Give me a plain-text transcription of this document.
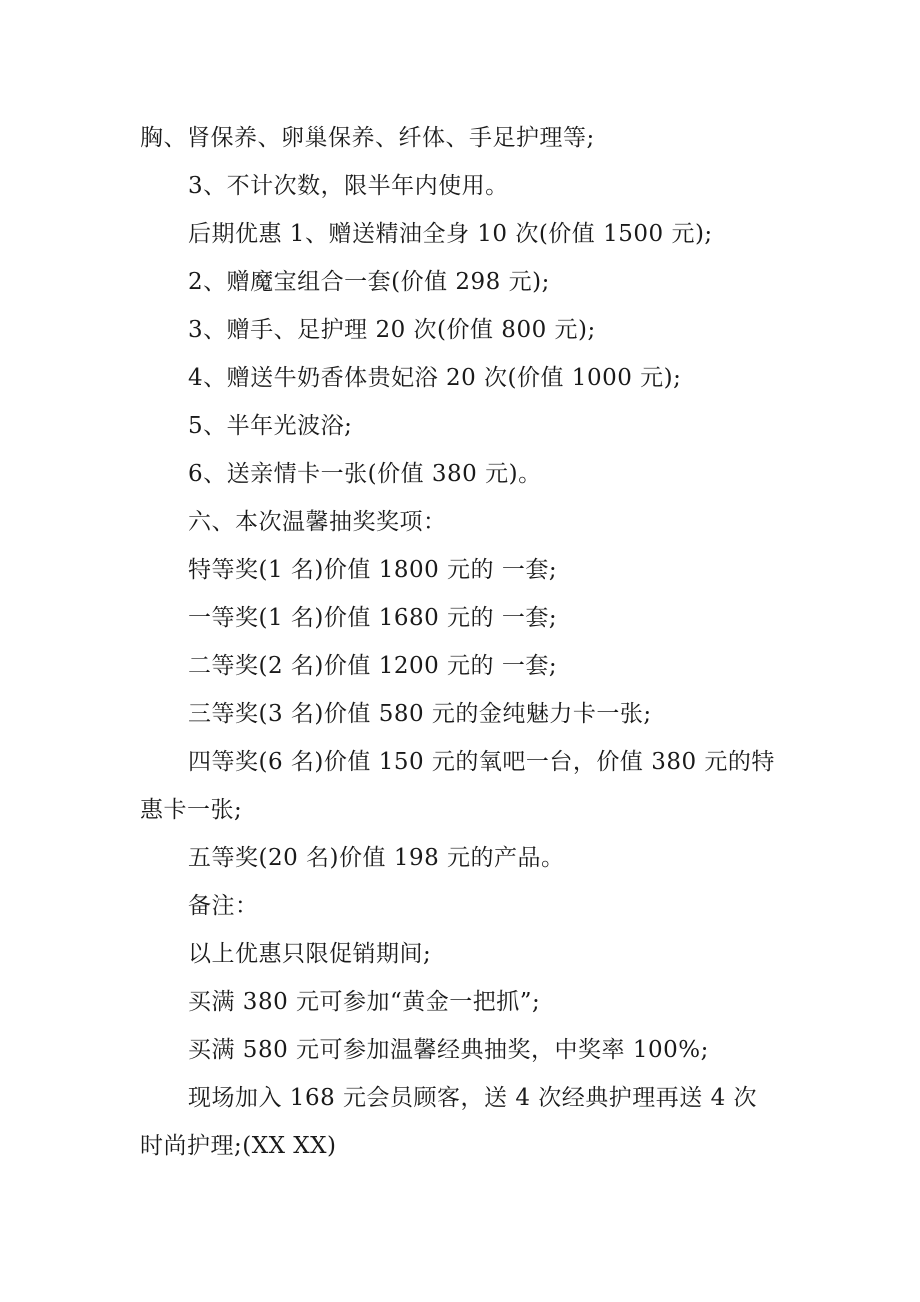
胸、肾保养、卵巢保养、纤体、手足护理等;
3、不计次数，限半年内使用。
后期优惠 1、赠送精油全身 10 次(价值 1500 元);
2、赠魔宝组合一套(价值 298 元);
3、赠手、足护理 20 次(价值 800 元);
4、赠送牛奶香体贵妃浴 20 次(价值 1000 元);
5、半年光波浴;
6、送亲情卡一张(价值 380 元)。
六、本次温馨抽奖奖项：
特等奖(1 名)价值 1800 元的 一套;
一等奖(1 名)价值 1680 元的 一套;
二等奖(2 名)价值 1200 元的 一套;
三等奖(3 名)价值 580 元的金纯魅力卡一张;
四等奖(6 名)价值 150 元的氧吧一台，价值 380 元的特
惠卡一张;
五等奖(20 名)价值 198 元的产品。
备注：
以上优惠只限促销期间;
买满 380 元可参加“黄金一把抓”;
买满 580 元可参加温馨经典抽奖，中奖率 100%;
现场加入 168 元会员顾客，送 4 次经典护理再送 4 次
时尚护理;(XX XX)
